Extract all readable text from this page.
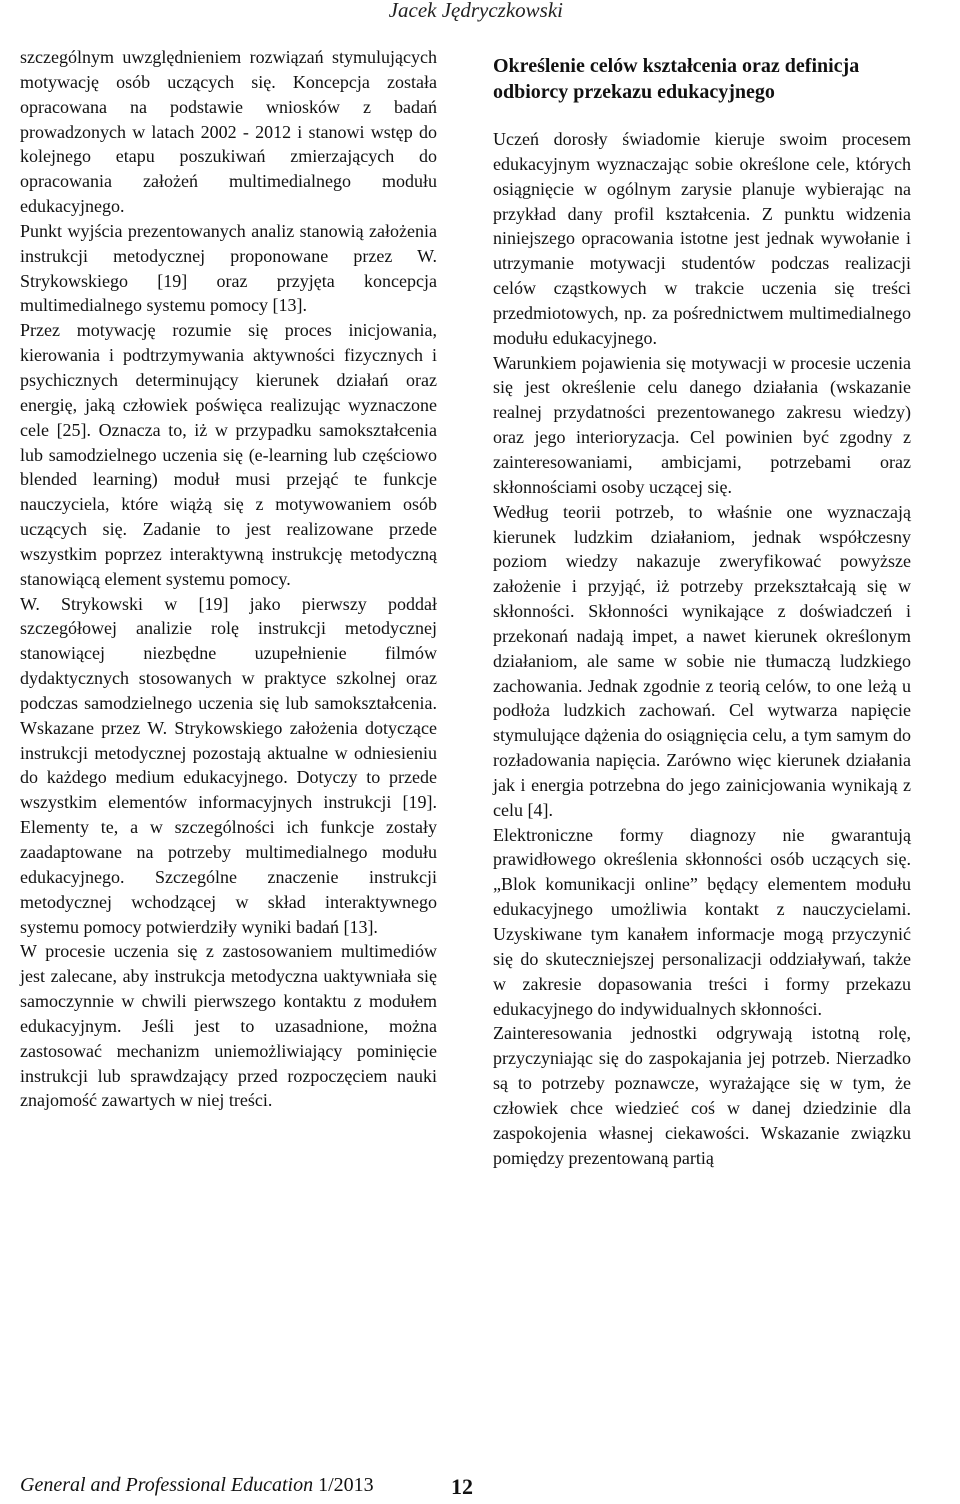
Jacek Jędryczkowski

szczególnym uwzględnieniem rozwiązań stymulujących motywację osób uczących się. Koncepcja została opracowana na podstawie wniosków z badań prowadzonych w latach 2002 - 2012 i stanowi wstęp do kolejnego etapu poszukiwań zmierzających do opracowania założeń multimedialnego modułu edukacyjnego.

Punkt wyjścia prezentowanych analiz stanowią założenia instrukcji metodycznej proponowane przez W. Strykowskiego [19] oraz przyjęta koncepcja multimedialnego systemu pomocy [13].

Przez motywację rozumie się proces inicjowania, kierowania i podtrzymywania aktywności fizycznych i psychicznych determinujący kierunek działań oraz energię, jaką człowiek poświęca realizując wyznaczone cele [25]. Oznacza to, iż w przypadku samokształcenia lub samodzielnego uczenia się (e-learning lub częściowo blended learning) moduł musi przejąć te funkcje nauczyciela, które wiążą się z motywowaniem osób uczących się. Zadanie to jest realizowane przede wszystkim poprzez interaktywną instrukcję metodyczną stanowiącą element systemu pomocy.

W. Strykowski w [19] jako pierwszy poddał szczegółowej analizie rolę instrukcji metodycznej stanowiącej niezbędne uzupełnienie filmów dydaktycznych stosowanych w praktyce szkolnej oraz podczas samodzielnego uczenia się lub samokształcenia. Wskazane przez W. Strykowskiego założenia dotyczące instrukcji metodycznej pozostają aktualne w odniesieniu do każdego medium edukacyjnego. Dotyczy to przede wszystkim elementów informacyjnych instrukcji [19]. Elementy te, a w szczególności ich funkcje zostały zaadaptowane na potrzeby multimedialnego modułu edukacyjnego. Szczególne znaczenie instrukcji metodycznej wchodzącej w skład interaktywnego systemu pomocy potwierdziły wyniki badań [13].

W procesie uczenia się z zastosowaniem multimediów jest zalecane, aby instrukcja metodyczna uaktywniała się samoczynnie w chwili pierwszego kontaktu z modułem edukacyjnym. Jeśli jest to uzasadnione, można zastosować mechanizm uniemożliwiający pominięcie instrukcji lub sprawdzający przed rozpoczęciem nauki znajomość zawartych w niej treści.

Określenie celów kształcenia oraz definicja odbiorcy przekazu edukacyjnego

Uczeń dorosły świadomie kieruje swoim procesem edukacyjnym wyznaczając sobie określone cele, których osiągnięcie w ogólnym zarysie planuje wybierając na przykład dany profil kształcenia. Z punktu widzenia niniejszego opracowania istotne jest jednak wywołanie i utrzymanie motywacji studentów podczas realizacji celów cząstkowych w trakcie uczenia się treści przedmiotowych, np. za pośrednictwem multimedialnego modułu edukacyjnego.

Warunkiem pojawienia się motywacji w procesie uczenia się jest określenie celu danego działania (wskazanie realnej przydatności prezentowanego zakresu wiedzy) oraz jego interioryzacja. Cel powinien być zgodny z zainteresowaniami, ambicjami, potrzebami oraz skłonnościami osoby uczącej się.

Według teorii potrzeb, to właśnie one wyznaczają kierunek ludzkim działaniom, jednak współczesny poziom wiedzy nakazuje zweryfikować powyższe założenie i przyjąć, iż potrzeby przekształcają się w skłonności. Skłonności wynikające z doświadczeń i przekonań nadają impet, a nawet kierunek określonym działaniom, ale same w sobie nie tłumaczą ludzkiego zachowania. Jednak zgodnie z teorią celów, to one leżą u podłoża ludzkich zachowań. Cel wytwarza napięcie stymulujące dążenia do osiągnięcia celu, a tym samym do rozładowania napięcia. Zarówno więc kierunek działania jak i energia potrzebna do jego zainicjowania wynikają z celu [4].

Elektroniczne formy diagnozy nie gwarantują prawidłowego określenia skłonności osób uczących się. „Blok komunikacji online” będący elementem modułu edukacyjnego umożliwia kontakt z nauczycielami. Uzyskiwane tym kanałem informacje mogą przyczynić się do skuteczniejszej personalizacji oddziaływań, także w zakresie dopasowania treści i formy przekazu edukacyjnego do indywidualnych skłonności.

Zainteresowania jednostki odgrywają istotną rolę, przyczyniając się do zaspokajania jej potrzeb. Nierzadko są to potrzeby poznawcze, wyrażające się w tym, że człowiek chce wiedzieć coś w danej dziedzinie dla zaspokojenia własnej ciekawości. Wskazanie związku pomiędzy prezentowaną partią

General and Professional Education 1/2013	12
